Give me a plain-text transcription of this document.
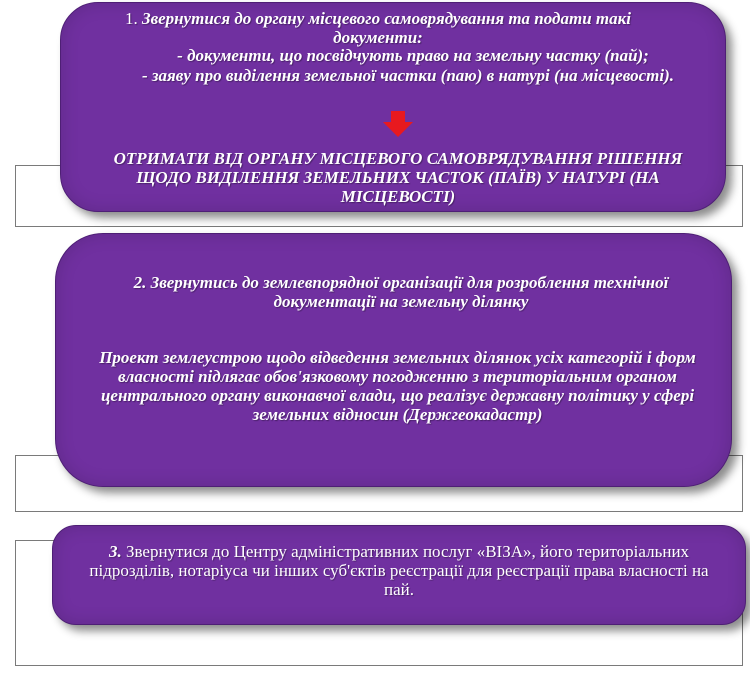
1. Звернутися до органу місцевого самоврядування та подати такі документи:
- документи, що посвідчують право на земельну частку (пай);
- заяву про виділення земельної частки (паю) в натурі (на місцевості).
ОТРИМАТИ ВІД ОРГАНУ МІСЦЕВОГО САМОВРЯДУВАННЯ РІШЕННЯ ЩОДО ВИДІЛЕННЯ ЗЕМЕЛЬНИХ ЧАСТОК (ПАЇВ) У НАТУРІ (НА МІСЦЕВОСТІ)
2. Звернутись до землевпорядної організації для розроблення технічної документації на земельну ділянку
Проект землеустрою щодо відведення земельних ділянок усіх категорій і форм власності підлягає обов'язковому погодженню з територіальним органом центрального органу виконавчої влади, що реалізує державну політику у сфері земельних відносин (Держгеокадастр)
3. Звернутися до Центру адміністративних послуг «ВІЗА», його територіальних підрозділів, нотаріуса чи інших суб'єктів реєстрації для реєстрації права власності на пай.
